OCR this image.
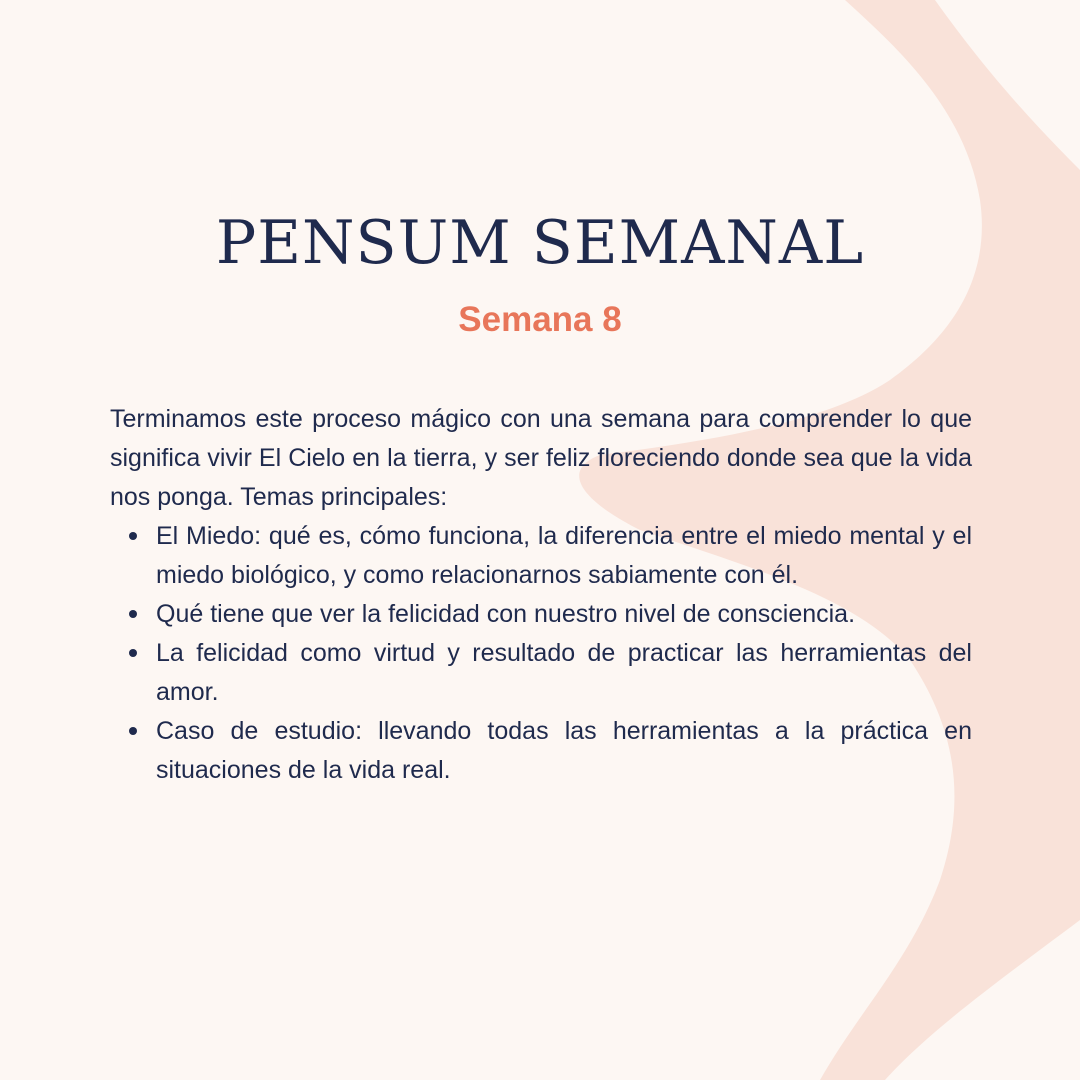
PENSUM SEMANAL
Semana 8

Terminamos este proceso mágico con una semana para comprender lo que significa vivir El Cielo en la tierra, y ser feliz floreciendo donde sea que la vida nos ponga. Temas principales:

El Miedo: qué es, cómo funciona, la diferencia entre el miedo mental y el miedo biológico, y como relacionarnos sabiamente con él.
Qué tiene que ver la felicidad con nuestro nivel de consciencia.
La felicidad como virtud y resultado de practicar las herramientas del amor.
Caso de estudio: llevando todas las herramientas a la práctica en situaciones de la vida real.
